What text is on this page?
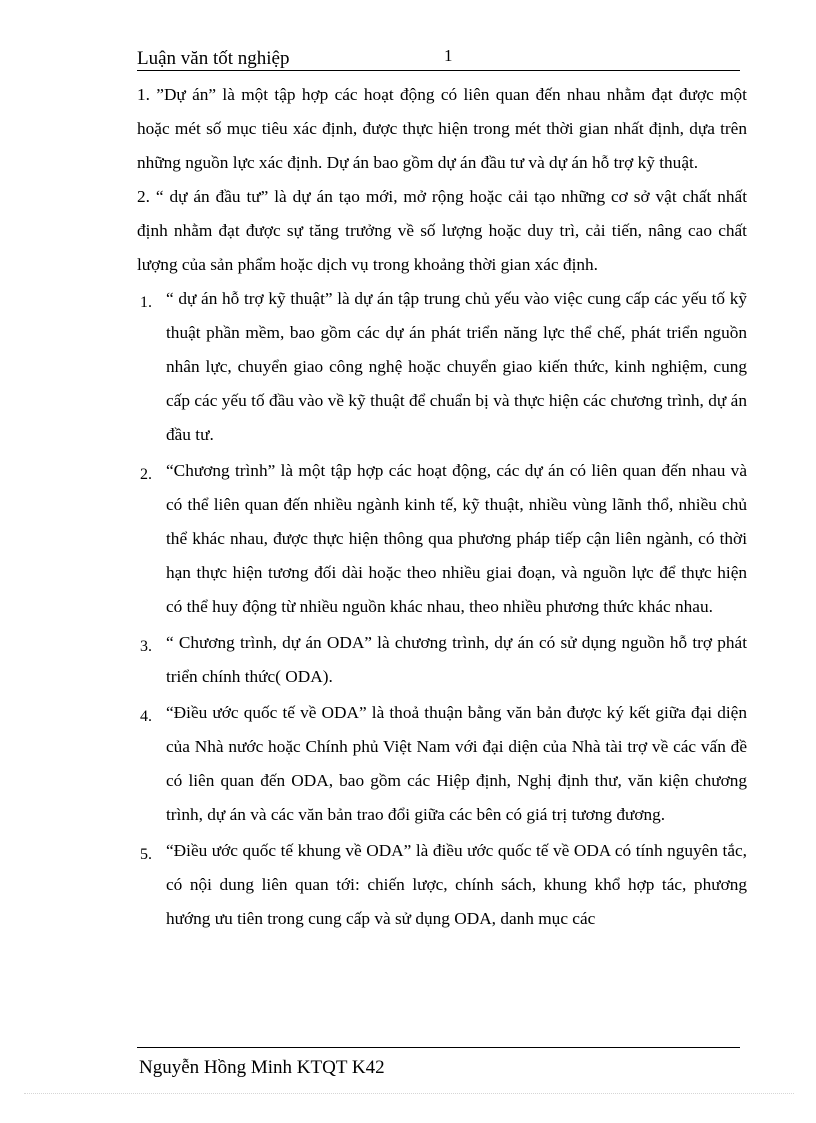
Luận văn tốt nghiệp	1

1. ”Dự án” là một tập hợp các hoạt động có liên quan đến nhau nhằm đạt được một hoặc mét số mục tiêu xác định, được thực hiện trong mét thời gian nhất định, dựa trên những nguồn lực xác định. Dự án bao gồm dự án đầu tư và dự án hỗ trợ kỹ thuật.

2. “ dự án đầu tư” là dự án tạo mới, mở rộng hoặc cải tạo những cơ sở vật chất nhất định nhằm đạt được sự tăng trưởng về số lượng hoặc duy trì, cải tiến, nâng cao chất lượng của sản phẩm hoặc dịch vụ trong khoảng thời gian xác định.

1. “ dự án hỗ trợ kỹ thuật” là dự án tập trung chủ yếu vào việc cung cấp các yếu tố kỹ thuật phần mềm, bao gồm các dự án phát triển năng lực thể chế, phát triển nguồn nhân lực, chuyển giao công nghệ hoặc chuyển giao kiến thức, kinh nghiệm, cung cấp các yếu tố đầu vào về kỹ thuật để chuẩn bị và thực hiện các chương trình, dự án đầu tư.
2. “Chương trình” là một tập hợp các hoạt động, các dự án có liên quan đến nhau và có thể liên quan đến nhiều ngành kinh tế, kỹ thuật, nhiều vùng lãnh thổ, nhiều chủ thể khác nhau, được thực hiện thông qua phương pháp tiếp cận liên ngành, có thời hạn thực hiện tương đối dài hoặc theo nhiều giai đoạn, và nguồn lực để thực hiện có thể huy động từ nhiều nguồn khác nhau, theo nhiều phương thức khác nhau.
3. “ Chương trình, dự án ODA” là chương trình, dự án có sử dụng nguồn hỗ trợ phát triển chính thức( ODA).
4. “Điều ước quốc tế về ODA” là thoả thuận bằng văn bản được ký kết giữa đại diện của Nhà nước hoặc Chính phủ Việt Nam với đại diện của Nhà tài trợ về các vấn đề có liên quan đến ODA, bao gồm các Hiệp định, Nghị định thư, văn kiện chương trình, dự án và các văn bản trao đổi giữa các bên có giá trị tương đương.
5. “Điều ước quốc tế khung về ODA” là điều ước quốc tế về ODA có tính nguyên tắc, có nội dung liên quan tới: chiến lược, chính sách, khung khổ hợp tác, phương hướng ưu tiên trong cung cấp và sử dụng ODA, danh mục các
Nguyễn Hồng Minh KTQT K42
